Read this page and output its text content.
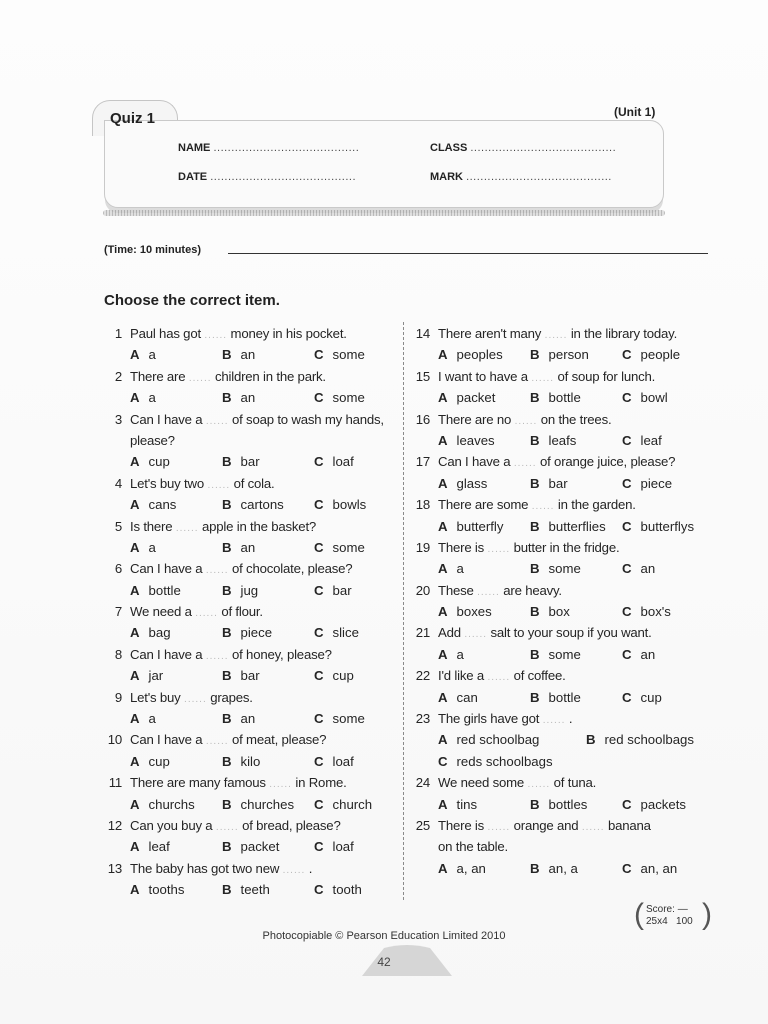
Quiz 1	(Unit 1)
NAME .........................................	CLASS .........................................
DATE .........................................	MARK .........................................
(Time: 10 minutes)
Choose the correct item.
1 Paul has got ...... money in his pocket.
A a	B an	C some
2 There are ...... children in the park.
A a	B an	C some
3 Can I have a ...... of soap to wash my hands,
please?
A cup	B bar	C loaf
4 Let's buy two ...... of cola.
A cans	B cartons	C bowls
5 Is there ...... apple in the basket?
A a	B an	C some
6 Can I have a ...... of chocolate, please?
A bottle	B jug	C bar
7 We need a ...... of flour.
A bag	B piece	C slice
8 Can I have a ...... of honey, please?
A jar	B bar	C cup
9 Let's buy ...... grapes.
A a	B an	C some
10 Can I have a ...... of meat, please?
A cup	B kilo	C loaf
11 There are many famous ...... in Rome.
A churchs	B churches	C church
12 Can you buy a ...... of bread, please?
A leaf	B packet	C loaf
13 The baby has got two new ...... .
A tooths	B teeth	C tooth
14 There aren't many ...... in the library today.
A peoples	B person	C people
15 I want to have a ...... of soup for lunch.
A packet	B bottle	C bowl
16 There are no ...... on the trees.
A leaves	B leafs	C leaf
17 Can I have a ...... of orange juice, please?
A glass	B bar	C piece
18 There are some ...... in the garden.
A butterfly	B butterflies	C butterflys
19 There is ...... butter in the fridge.
A a	B some	C an
20 These ...... are heavy.
A boxes	B box	C box's
21 Add ...... salt to your soup if you want.
A a	B some	C an
22 I'd like a ...... of coffee.
A can	B bottle	C cup
23 The girls have got ...... .
A red schoolbag	B red schoolbags
C reds schoolbags
24 We need some ...... of tuna.
A tins	B bottles	C packets
25 There is ...... orange and ...... banana
on the table.
A a, an	B an, a	C an, an
( Score: —
25x4 100 )
Photocopiable © Pearson Education Limited 2010
42
